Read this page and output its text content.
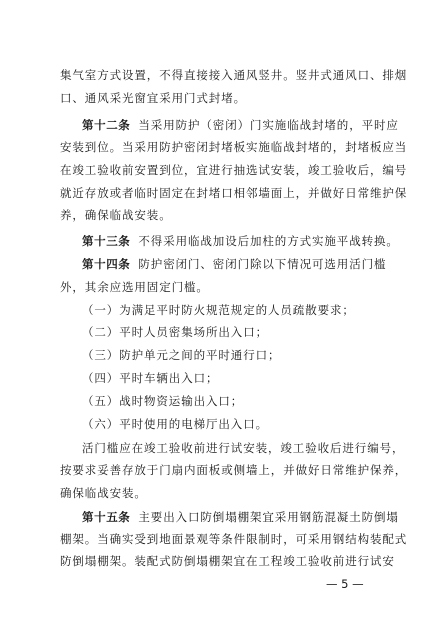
集气室方式设置，不得直接接入通风竖井。竖井式通风口、排烟
口、通风采光窗宜采用门式封堵。
第十二条 当采用防护（密闭）门实施临战封堵的，平时应
安装到位。当采用防护密闭封堵板实施临战封堵的，封堵板应当
在竣工验收前安置到位，宜进行抽选试安装，竣工验收后，编号
就近存放或者临时固定在封堵口相邻墙面上，并做好日常维护保
养，确保临战安装。
第十三条 不得采用临战加设后加柱的方式实施平战转换。
第十四条 防护密闭门、密闭门除以下情况可选用活门槛
外，其余应选用固定门槛。
（一）为满足平时防火规范规定的人员疏散要求；
（二）平时人员密集场所出入口；
（三）防护单元之间的平时通行口；
（四）平时车辆出入口；
（五）战时物资运输出入口；
（六）平时使用的电梯厅出入口。
活门槛应在竣工验收前进行试安装，竣工验收后进行编号，
按要求妥善存放于门扇内面板或侧墙上，并做好日常维护保养，
确保临战安装。
第十五条 主要出入口防倒塌棚架宜采用钢筋混凝土防倒塌
棚架。当确实受到地面景观等条件限制时，可采用钢结构装配式
防倒塌棚架。装配式防倒塌棚架宜在工程竣工验收前进行试安
— 5 —
